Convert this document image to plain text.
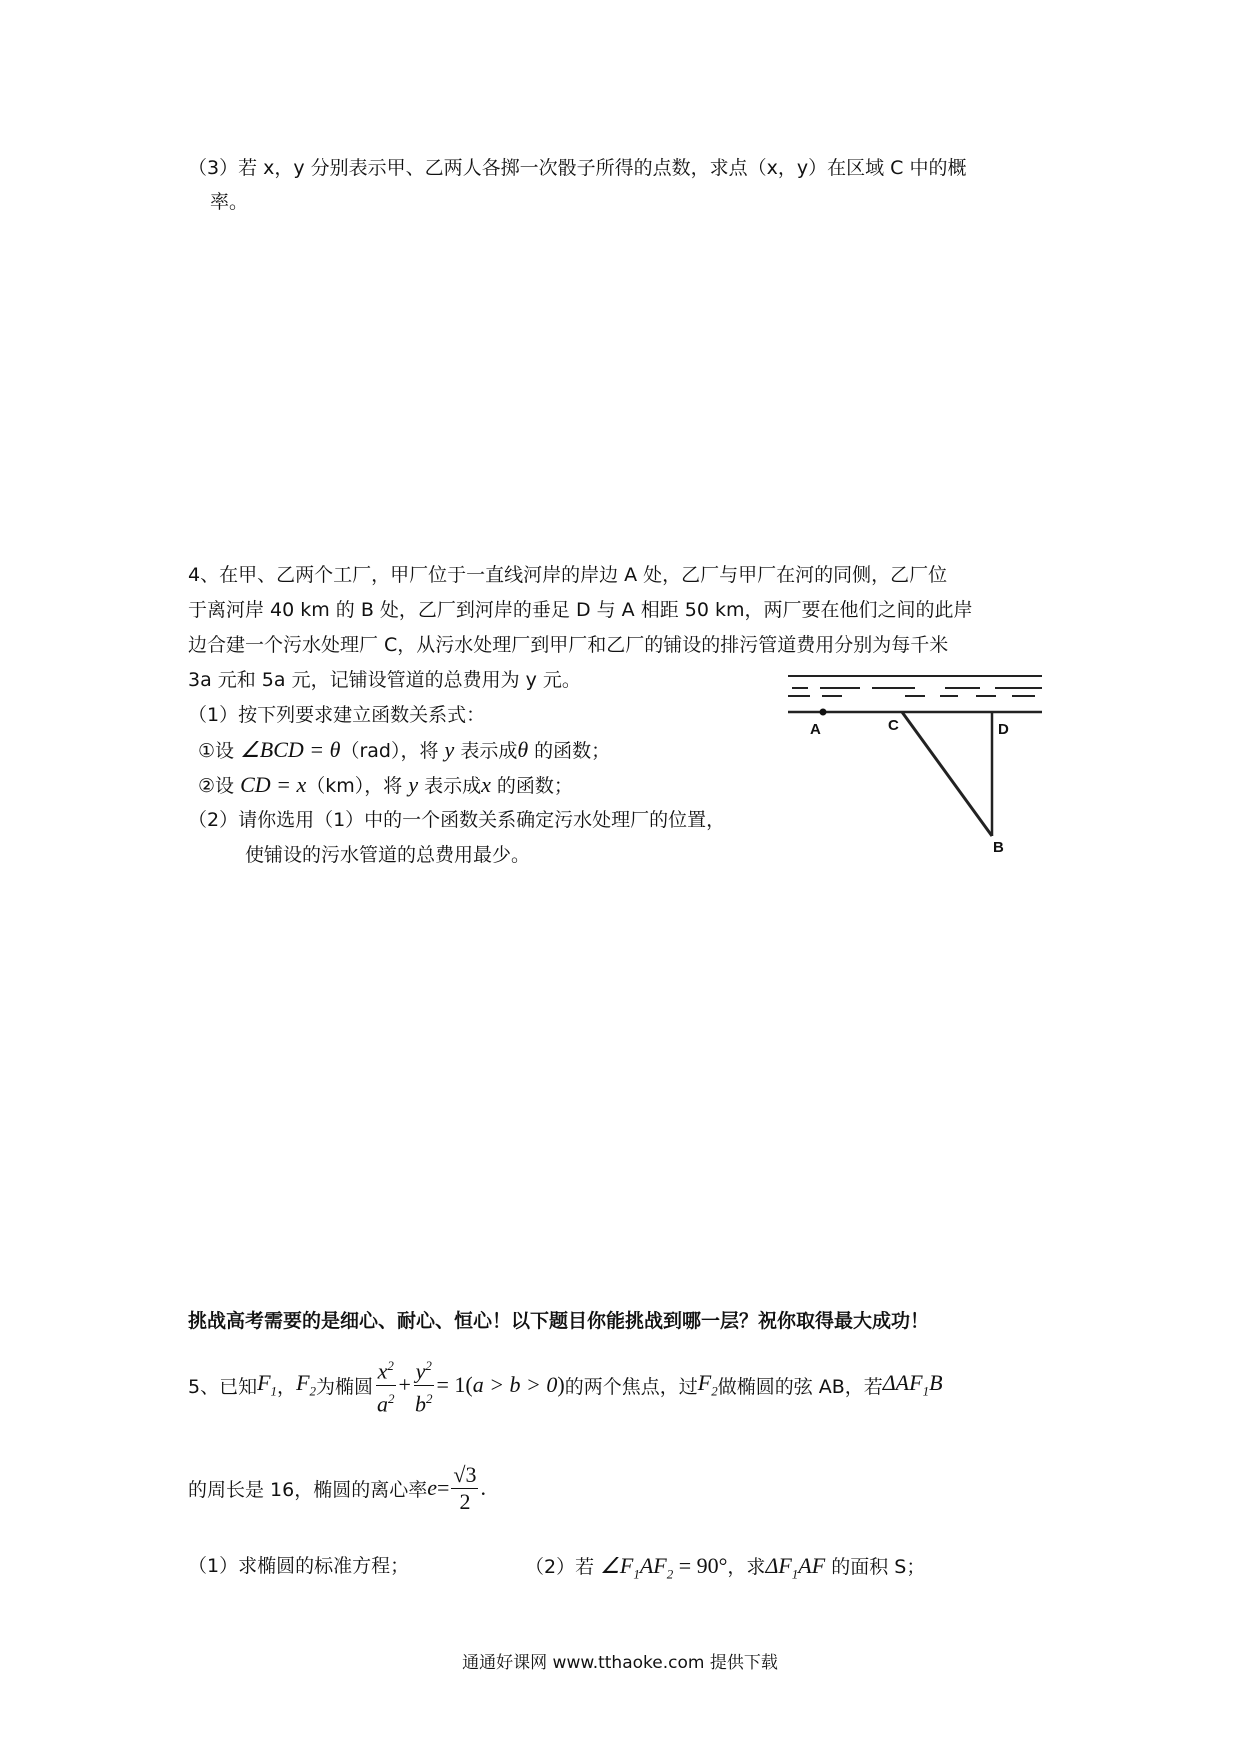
（3）若 x，y 分别表示甲、乙两人各掷一次骰子所得的点数，求点（x，y）在区域 C 中的概
率。
4、在甲、乙两个工厂，甲厂位于一直线河岸的岸边 A 处，乙厂与甲厂在河的同侧，乙厂位
于离河岸 40 km 的 B 处，乙厂到河岸的垂足 D 与 A 相距 50 km，两厂要在他们之间的此岸
边合建一个污水处理厂 C，从污水处理厂到甲厂和乙厂的铺设的排污管道费用分别为每千米
3a 元和 5a 元，记铺设管道的总费用为 y 元。
（1）按下列要求建立函数关系式：
①设 ∠BCD = θ（rad），将 y 表示成θ 的函数；
②设 CD = x（km），将 y 表示成x 的函数；
（2）请你选用（1）中的一个函数关系确定污水处理厂的位置，
使铺设的污水管道的总费用最少。
A	C	D
B
挑战高考需要的是细心、耐心、恒心！以下题目你能挑战到哪一层？祝你取得最大成功！
5、已知 $F_1$ ， $F_2$ 为椭圆 $\frac{x^2}{a^2} + \frac{y^2}{b^2} = 1$( a > b > 0 ) 的两个焦点，过 $F_2$ 做椭圆的弦 AB，若 $\Delta AF_1B$
的周长是 16，椭圆的离心率 $e = \frac{√3}{2}$ .
（1）求椭圆的标准方程；	（2）若 $\angle F_1AF_2 = 90^\circ$，求$\Delta F_1AF$ 的面积 S；
通通好课网 www.tthaoke.com 提供下载
